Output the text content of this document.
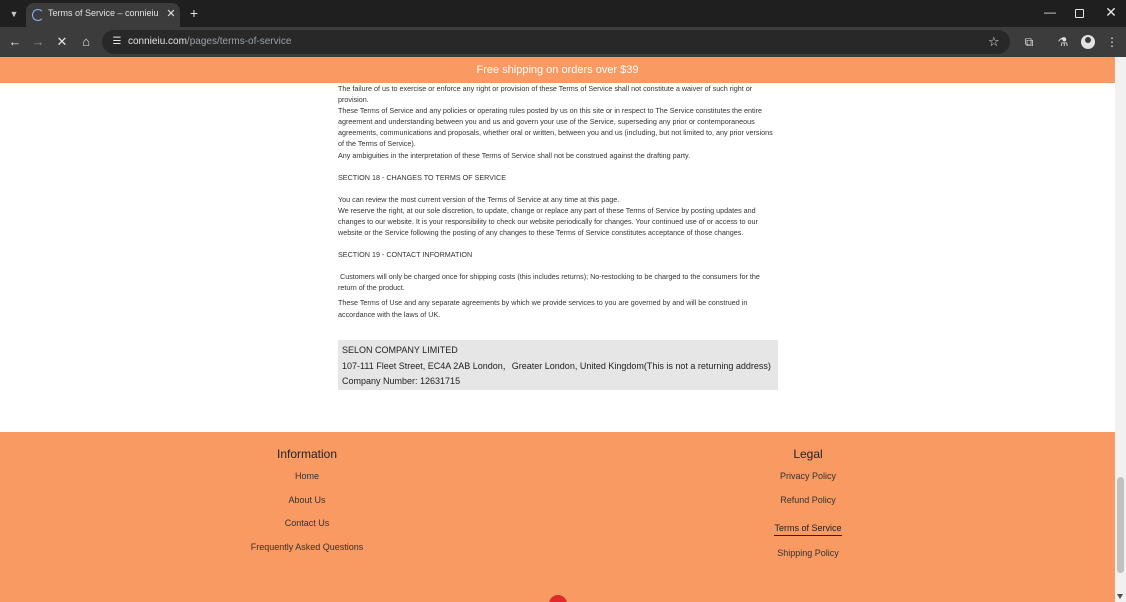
▼	Terms of Service – connieiu ✕ +	—	✕
← → ✕	⌂	☰ connieiu.com/pages/terms-of-service	☆	⧉	⚗	⋮
Free shipping on orders over $39

The failure of us to exercise or enforce any right or provision of these Terms of Service shall not constitute a waiver of such right or provision.

These Terms of Service and any policies or operating rules posted by us on this site or in respect to The Service constitutes the entire agreement and understanding between you and us and govern your use of the Service, superseding any prior or contemporaneous agreements, communications and proposals, whether oral or written, between you and us (including, but not limited to, any prior versions of the Terms of Service).

Any ambiguities in the interpretation of these Terms of Service shall not be construed against the drafting party.

SECTION 18 - CHANGES TO TERMS OF SERVICE

You can review the most current version of the Terms of Service at any time at this page.

We reserve the right, at our sole discretion, to update, change or replace any part of these Terms of Service by posting updates and changes to our website. It is your responsibility to check our website periodically for changes. Your continued use of or access to our website or the Service following the posting of any changes to these Terms of Service constitutes acceptance of those changes.

SECTION 19 - CONTACT INFORMATION

Customers will only be charged once for shipping costs (this includes returns); No-restocking to be charged to the consumers for the return of the product.

These Terms of Use and any separate agreements by which we provide services to you are governed by and will be construed in accordance with the laws of UK.

SELON COMPANY LIMITED
107-111 Fleet Street, EC4A 2AB London，Greater London, United Kingdom(This is not a returning address)
Company Number: 12631715
Information
Home
About Us
Contact Us
Frequently Asked Questions
Legal
Privacy Policy
Refund Policy
Terms of Service
Shipping Policy
